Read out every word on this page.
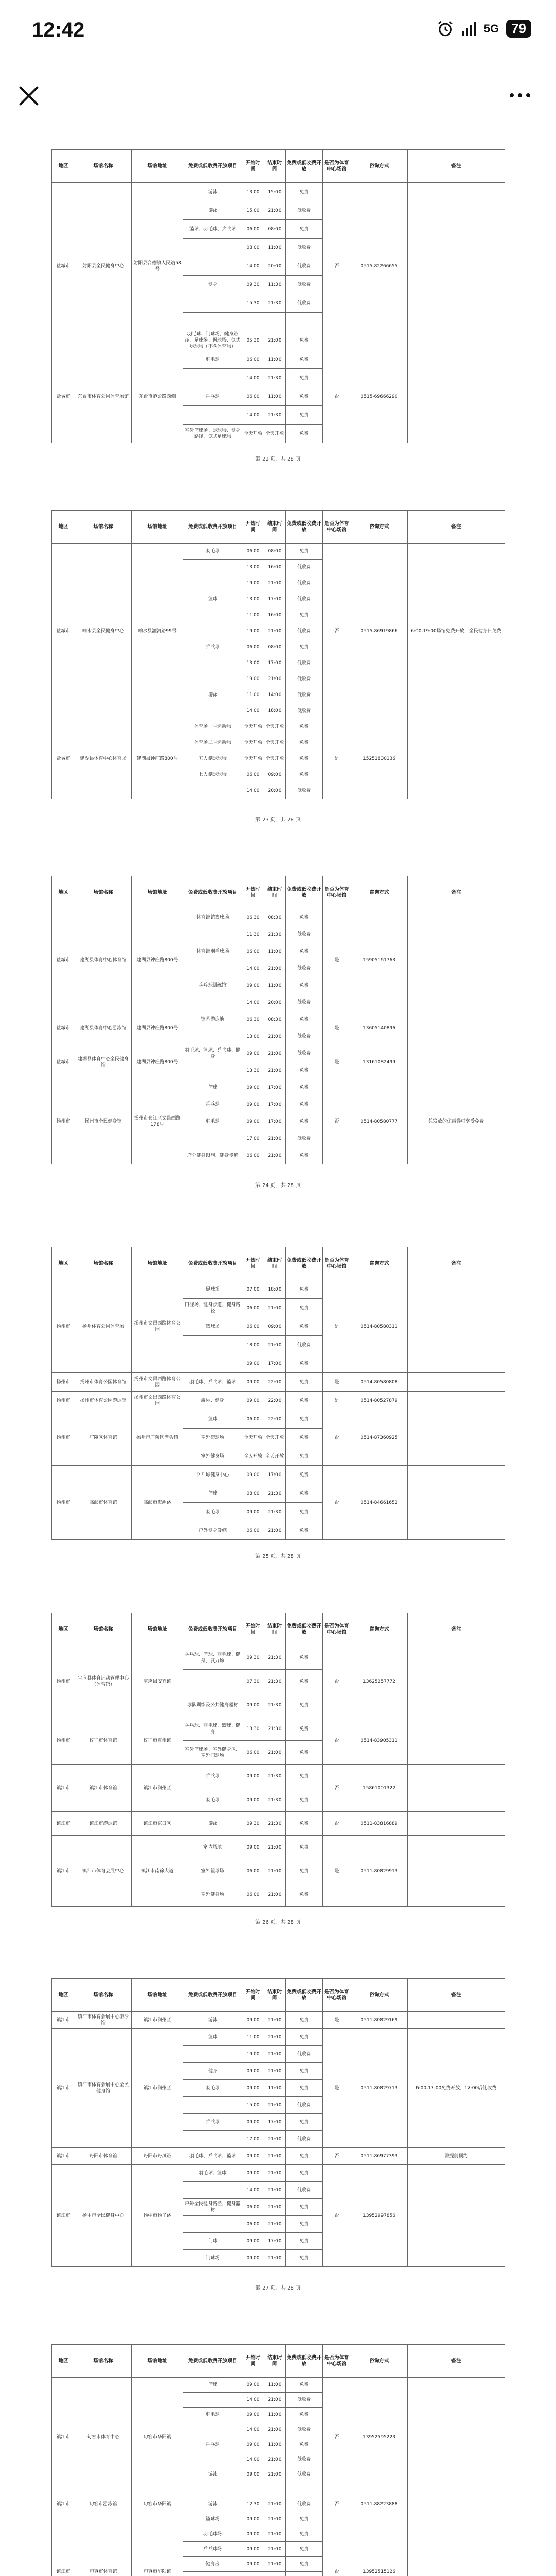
12:42	5G 79
地区	场馆名称	场馆地址	免费或低收费开放项目	开始时间	结束时间	免费或低收费开放	是否为体育中心场馆	咨询方式	备注
盐城市	射阳县全民健身中心	射阳县合德镇人民路58号	游泳	13:00	15:00	免费	否	0515-82266655	
			游泳	15:00	21:00	低收费			
			篮球、羽毛球、乒乓球	06:00	08:00	免费			
				08:00	11:00	低收费			
				14:00	20:00	低收费			
			健身	09:30	11:30	低收费			
				15:30	21:30	低收费			

			羽毛球、门球场、健身路径、足球场、网球场、笼式足球场（不含体育场）	05:30	21:00	免费			
盐城市	东台市体育公园体育场馆	东台市范公路西侧	羽毛球	06:00	11:00	免费	否	0515-69666290	
				14:00	21:30	免费			
			乒乓球	06:00	11:00	免费			
				14:00	21:30	免费			
			室外篮球场、足球场、健身路径、笼式足球场	全天开放	全天开放	免费			
第 22 页，共 28 页
地区	场馆名称	场馆地址	免费或低收费开放项目	开始时间	结束时间	免费或低收费开放	是否为体育中心场馆	咨询方式	备注
盐城市	响水县全民健身中心	响水县灌河路99号	羽毛球	06:00	08:00	免费	否	0515-86919866	6:00-19:00场馆免费开放，全民健身日免费
				13:00	16:00	低收费			
				19:00	21:00	低收费			
			篮球	13:00	17:00	低收费			
				11:00	16:00	免费			
				19:00	21:00	低收费			
			乒乓球	06:00	08:00	免费			
				13:00	17:00	低收费			
				19:00	21:00	低收费			
			游泳	11:00	14:00	低收费			
				14:00	18:00	低收费			
盐城市	建湖县体育中心体育场	建湖县钟庄路800号	体育场一号运动场	全天开放	全天开放	免费	是	15251800136	
			体育场二号运动场	全天开放	全天开放	免费			
			五人制足球场	全天开放	全天开放	免费			
			七人制足球场	06:00	09:00	免费			
				14:00	20:00	低收费			
第 23 页，共 28 页
地区	场馆名称	场馆地址	免费或低收费开放项目	开始时间	结束时间	免费或低收费开放	是否为体育中心场馆	咨询方式	备注
盐城市	建湖县体育中心体育馆	建湖县钟庄路800号	体育馆馆篮球场	06:30	08:30	免费	是	15905161763	
				11:30	21:30	低收费			
			体育馆羽毛球场	06:00	11:00	免费			
				14:00	21:00	低收费			
			乒乓球训练馆	09:00	11:00	免费			
				14:00	20:00	低收费			
盐城市	建湖县体育中心游泳馆	建湖县钟庄路800号	馆内游泳池	06:30	08:30	免费	是	13605140896	
				13:00	21:00	低收费			
盐城市	建湖县体育中心全民健身馆	建湖县钟庄路800号	羽毛球、篮球、乒乓球、健身	09:00	21:00	低收费	是	13161082499	
				13:30	21:00	免费			
扬州市	扬州市全民健身馆	扬州市邗江区文昌西路178号	篮球	09:00	17:00	免费	否	0514-80580777	凭发放的优惠券可享受免费
			乒乓球	09:00	17:00	免费			
			羽毛球	09:00	17:00	免费			
				17:00	21:00	低收费			
			户外健身设施、健身步道	06:00	21:00	免费			
第 24 页，共 28 页
地区	场馆名称	场馆地址	免费或低收费开放项目	开始时间	结束时间	免费或低收费开放	是否为体育中心场馆	咨询方式	备注
扬州市	扬州体育公园体育场	扬州市文昌西路体育公园	足球场	07:00	18:00	免费	是	0514-80580311	
			田径场、健身步道、健身路径	06:00	21:00	免费			
			篮球场	06:00	09:00	免费			
				18:00	21:00	低收费			
				09:00	17:00	免费			
扬州市	扬州市体育公园体育馆	扬州市文昌西路体育公园	羽毛球、乒乓球、篮球	09:00	22:00	免费	是	0514-80580808	
扬州市	扬州市体育公园游泳馆	扬州市文昌西路体育公园	游泳、健身	09:00	22:00	免费	是	0514-80527879	
扬州市	广陵区体育馆	扬州市广陵区湾头镇	篮球	06:00	22:00	免费	否	0514-87360925	
			室外篮球场	全天开放	全天开放	免费			
			室外健身场	全天开放	全天开放	免费			
扬州市	高邮市体育馆	高邮市海潮路	乒乓球健身中心	09:00	17:00	免费	否	0514-84661652	
			篮球	08:00	21:30	免费			
			羽毛球	09:00	21:30	免费			
			户外健身设施	06:00	21:00	免费			
第 25 页，共 28 页
地区	场馆名称	场馆地址	免费或低收费开放项目	开始时间	结束时间	免费或低收费开放	是否为体育中心场馆	咨询方式	备注
扬州市	宝应县体育运动管理中心（体育馆）	宝应县安宜镇	乒乓球、篮球、羽毛球、健身、武力场	09:30	21:30	免费	否	13625257772	
				07:30	21:30	免费			
			球队训练及公共健身器材	09:00	21:30	免费			
扬州市	仪征市体育馆	仪征市真州镇	乒乓球、羽毛球、篮球、健身	13:30	21:30	免费	否	0514-83905311	
			室外篮球场、室外健身区、室外门球场	06:00	21:00	免费			
镇江市	镇江市体育馆	镇江市润州区	乒乓球	09:00	21:30	免费	否	15861001322	
			羽毛球	09:00	21:30	免费			
镇江市	镇江市游泳馆	镇江市京口区	游泳	09:30	21:30	免费	否	0511-83816889	
镇江市	镇江市体育会展中心	镇江市南徐大道	室内场地	09:00	21:00	免费	是	0511-80829913	
			室外篮球场	06:00	21:00	免费			
			室外健身场	06:00	21:00	免费			
第 26 页，共 28 页
地区	场馆名称	场馆地址	免费或低收费开放项目	开始时间	结束时间	免费或低收费开放	是否为体育中心场馆	咨询方式	备注
镇江市	镇江市体育会展中心游泳馆	镇江市润州区	游泳	09:00	21:00	免费	是	0511-80829169	
镇江市	镇江市体育会展中心全民健身馆	镇江市润州区	篮球	11:00	21:00	免费	是	0511-80829713	6:00-17:00免费开放，17:00后低收费
				19:00	21:00	低收费			
			健身	09:00	21:00	免费			
			羽毛球	09:00	11:00	免费			
				15:00	21:00	低收费			
			乒乓球	09:00	17:00	免费			
				17:00	21:00	低收费			
镇江市	丹阳市体育馆	丹阳市丹凤路	羽毛球、乒乓球、篮球	09:00	21:00	免费	否	0511-86977393	需提前预约
镇江市	扬中市全民健身中心	扬中市扬子路	羽毛球、篮球	09:00	21:00	免费	否	13952997856	
				14:00	21:00	低收费			
			户外全民健身路径、健身器材	06:00	21:00	免费			
				06:00	21:00	免费			
			门球	09:00	17:00	免费			
			门球场	09:00	21:00	免费			
第 27 页，共 28 页
地区	场馆名称	场馆地址	免费或低收费开放项目	开始时间	结束时间	免费或低收费开放	是否为体育中心场馆	咨询方式	备注
镇江市	句容市体育中心	句容市华阳镇	篮球	09:00	11:00	免费	否	13952595223	
				14:00	21:00	低收费			
			羽毛球	09:00	11:00	免费			
				14:00	21:00	低收费			
			乒乓球	09:00	11:00	免费			
				14:00	21:00	低收费			
			游泳	09:00	21:00	低收费			

镇江市	句容市游泳馆	句容市华阳镇	游泳	12:30	21:00	低收费	否	0511-88223888	
镇江市	句容市体育馆	句容市华阳镇	篮球场	09:00	21:00	免费	否	13952515126	
			羽毛球场	09:00	21:00	免费			
			乒乓球场	09:00	21:00	免费			
			健身房	09:00	21:00	免费			
